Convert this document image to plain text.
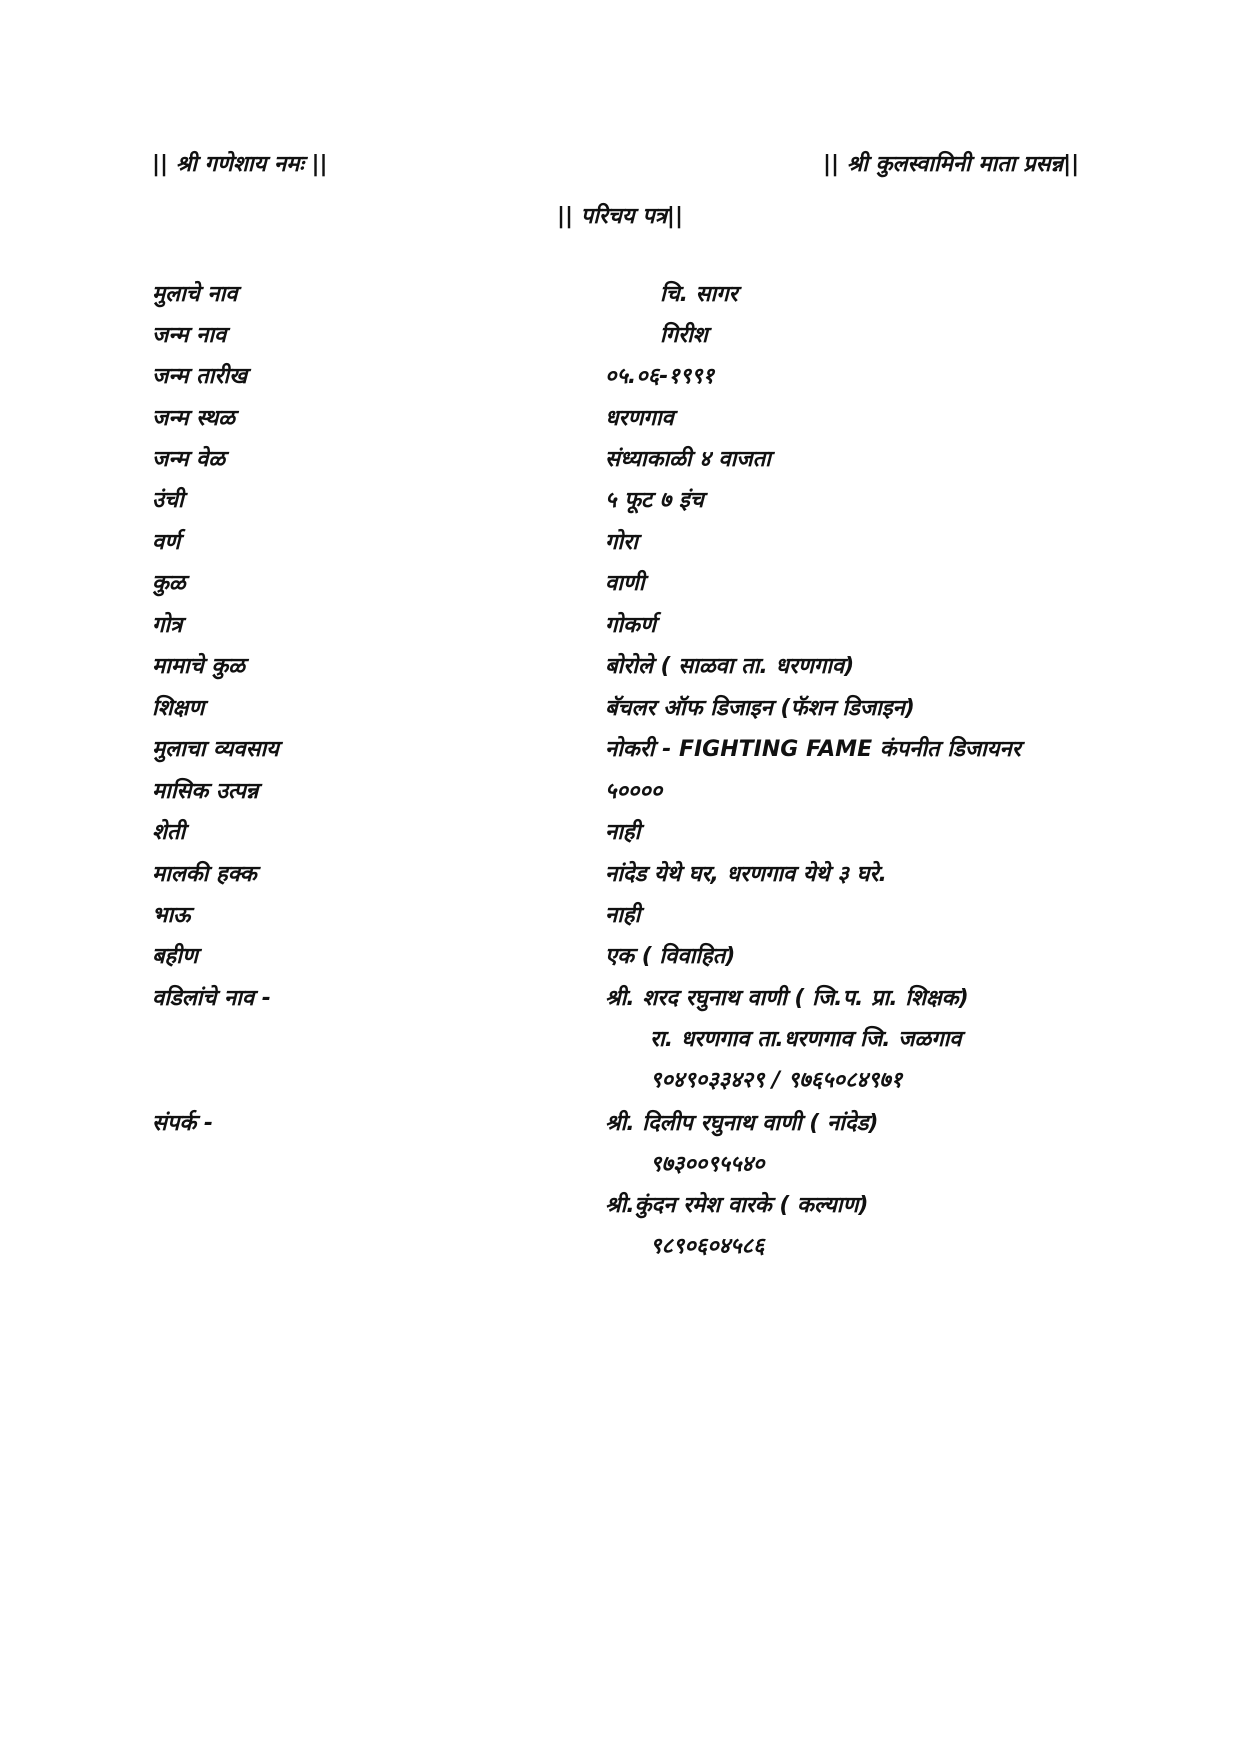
|| श्री गणेशाय नमः ||	|| श्री कुलस्वामिनी माता प्रसन्न||
|| परिचय पत्र||
मुलाचे नाव	चि. सागर
जन्म नाव	गिरीश
जन्म तारीख	०५.०६-१९९१
जन्म स्थळ	धरणगाव
जन्म वेळ	संध्याकाळी ४ वाजता
उंची	५ फूट ७ इंच
वर्ण	गोरा
कुळ	वाणी
गोत्र	गोकर्ण
मामाचे कुळ	बोरोले ( साळवा ता. धरणगाव)
शिक्षण	बॅचलर ऑफ डिजाइन (फॅशन डिजाइन)
मुलाचा व्यवसाय	नोकरी - FIGHTING FAME कंपनीत डिजायनर
मासिक उत्पन्न	५००००
शेती	नाही
मालकी हक्क	नांदेड येथे घर, धरणगाव येथे ३ घरे.
भाऊ	नाही
बहीण	एक ( विवाहित)
वडिलांचे नाव -	श्री. शरद रघुनाथ वाणी ( जि.प. प्रा. शिक्षक)
रा. धरणगाव ता.धरणगाव जि. जळगाव
९०४९०३३४२९ / ९७६५०८४९७१
संपर्क -	श्री. दिलीप रघुनाथ वाणी ( नांदेड)
९७३००९५५४०
श्री.कुंदन रमेश वारके ( कल्याण)
९८९०६०४५८६
